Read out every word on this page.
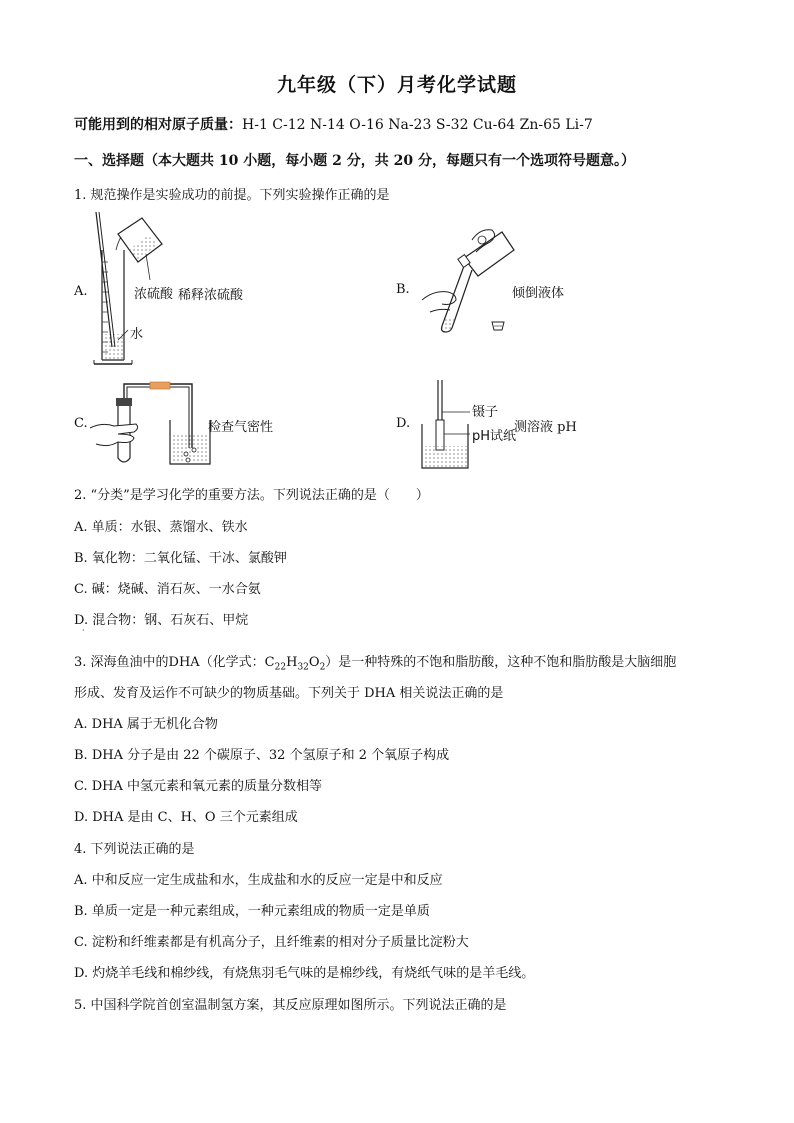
九年级（下）月考化学试题
可能用到的相对原子质量：H-1 C-12 N-14 O-16 Na-23 S-32 Cu-64 Zn-65 Li-7
一、选择题（本大题共 10 小题，每小题 2 分，共 20 分，每题只有一个选项符号题意。）
1. 规范操作是实验成功的前提。下列实验操作正确的是
A.	浓硫酸
水
稀释浓硫酸	B.	倾倒液体
C.	检查气密性	D.
镊子
pH试纸
测溶液 pH
2. “分类”是学习化学的重要方法。下列说法正确的是（　　）
A. 单质：水银、蒸馏水、铁水
B. 氧化物：二氧化锰、干冰、氯酸钾
C. 碱：烧碱、消石灰、一水合氨
D. 混合物：钢、石灰石、甲烷
·
3. 深海鱼油中的DHA（化学式：$C_{22}H_{32}O_2$）是一种特殊的不饱和脂肪酸，这种不饱和脂肪酸是大脑细胞
形成、发育及运作不可缺少的物质基础。下列关于 DHA 相关说法正确的是
A. DHA 属于无机化合物
B. DHA 分子是由 22 个碳原子、32 个氢原子和 2 个氧原子构成
C. DHA 中氢元素和氧元素的质量分数相等
D. DHA 是由 C、H、O 三个元素组成
4. 下列说法正确的是
A. 中和反应一定生成盐和水，生成盐和水的反应一定是中和反应
B. 单质一定是一种元素组成，一种元素组成的物质一定是单质
C. 淀粉和纤维素都是有机高分子，且纤维素的相对分子质量比淀粉大
D. 灼烧羊毛线和棉纱线，有烧焦羽毛气味的是棉纱线，有烧纸气味的是羊毛线。
5. 中国科学院首创室温制氢方案，其反应原理如图所示。下列说法正确的是
